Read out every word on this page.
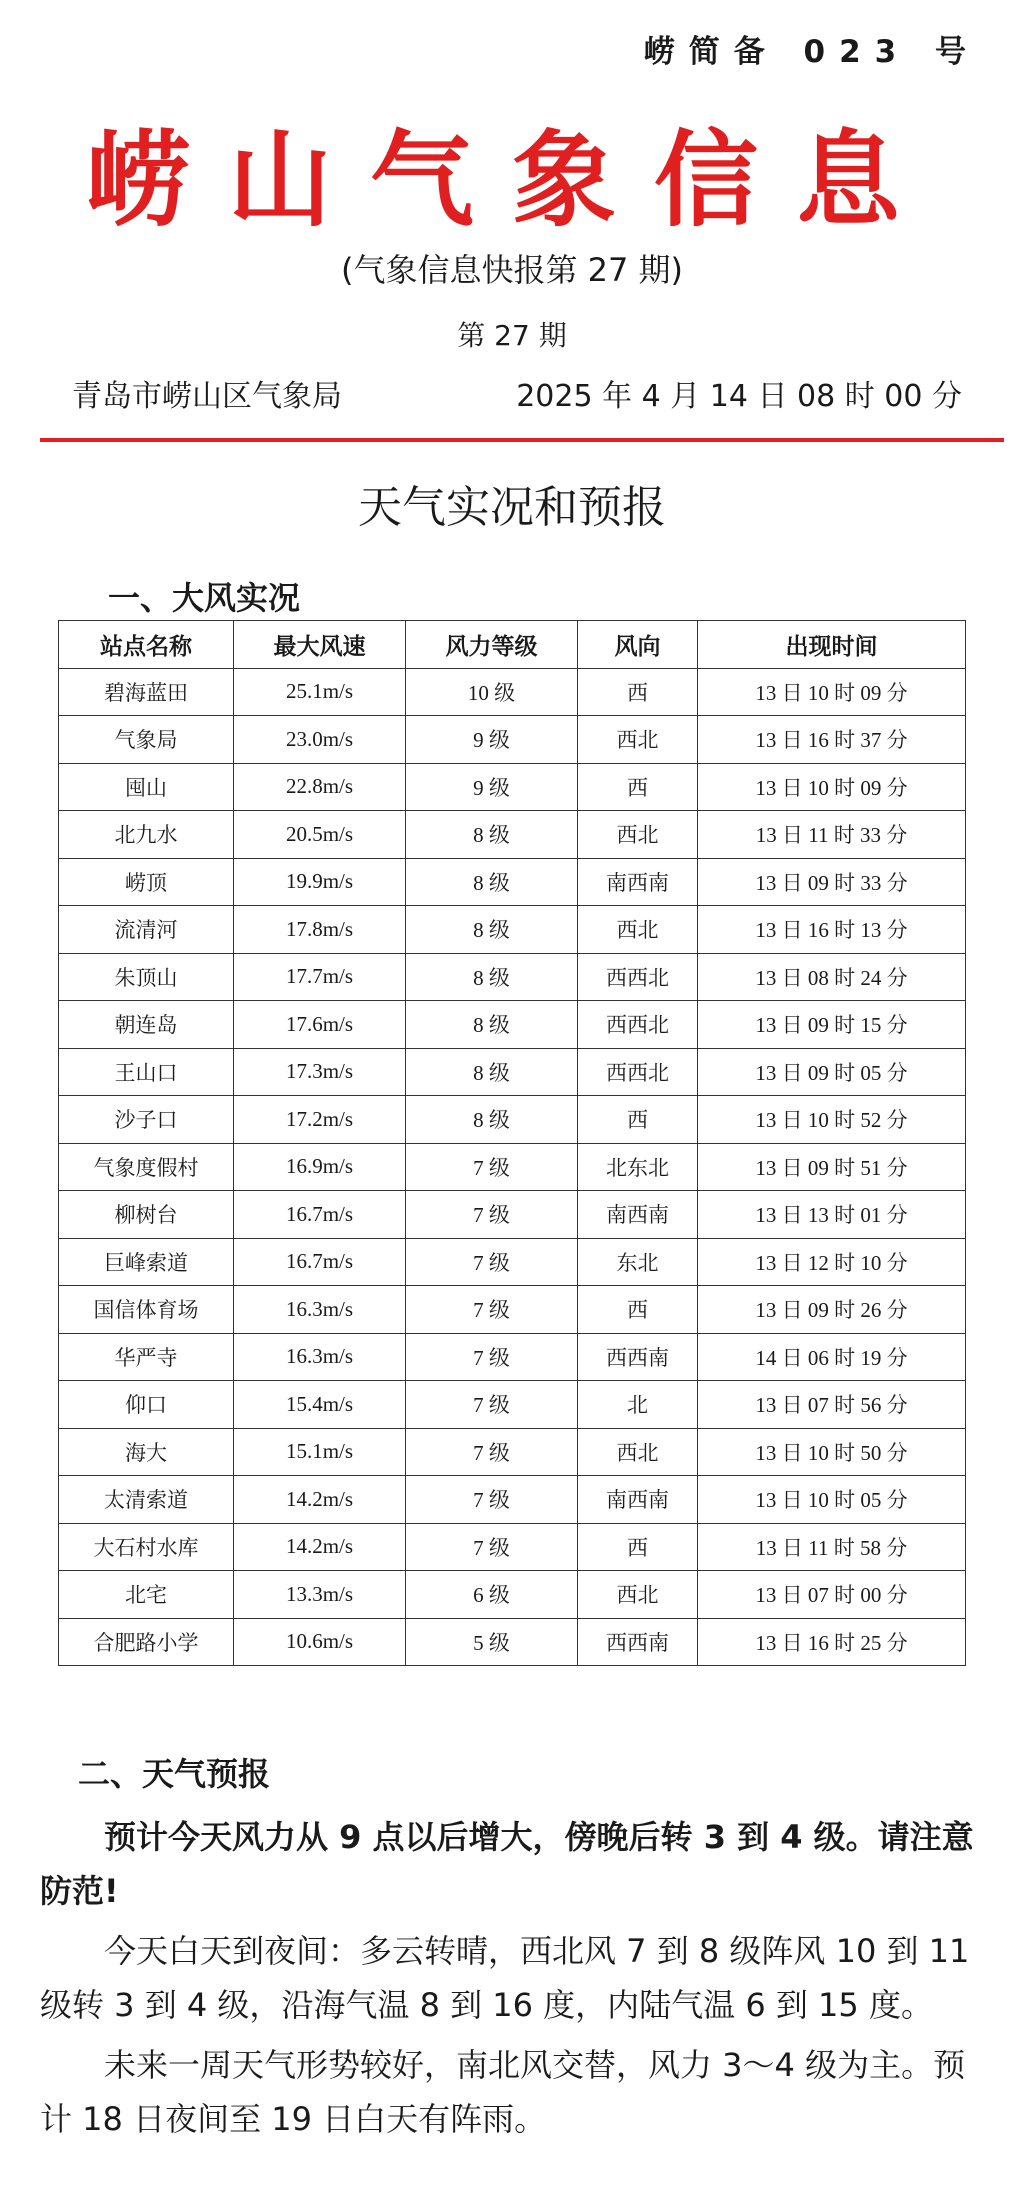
崂简备 023 号
崂山气象信息
(气象信息快报第 27 期)
第 27 期
青岛市崂山区气象局	2025 年 4 月 14 日 08 时 00 分
天气实况和预报
一、大风实况
站点名称	最大风速	风力等级	风向	出现时间
碧海蓝田	25.1m/s	10 级	西	13 日 10 时 09 分
气象局	23.0m/s	9 级	西北	13 日 16 时 37 分
囤山	22.8m/s	9 级	西	13 日 10 时 09 分
北九水	20.5m/s	8 级	西北	13 日 11 时 33 分
崂顶	19.9m/s	8 级	南西南	13 日 09 时 33 分
流清河	17.8m/s	8 级	西北	13 日 16 时 13 分
朱顶山	17.7m/s	8 级	西西北	13 日 08 时 24 分
朝连岛	17.6m/s	8 级	西西北	13 日 09 时 15 分
王山口	17.3m/s	8 级	西西北	13 日 09 时 05 分
沙子口	17.2m/s	8 级	西	13 日 10 时 52 分
气象度假村	16.9m/s	7 级	北东北	13 日 09 时 51 分
柳树台	16.7m/s	7 级	南西南	13 日 13 时 01 分
巨峰索道	16.7m/s	7 级	东北	13 日 12 时 10 分
国信体育场	16.3m/s	7 级	西	13 日 09 时 26 分
华严寺	16.3m/s	7 级	西西南	14 日 06 时 19 分
仰口	15.4m/s	7 级	北	13 日 07 时 56 分
海大	15.1m/s	7 级	西北	13 日 10 时 50 分
太清索道	14.2m/s	7 级	南西南	13 日 10 时 05 分
大石村水库	14.2m/s	7 级	西	13 日 11 时 58 分
北宅	13.3m/s	6 级	西北	13 日 07 时 00 分
合肥路小学	10.6m/s	5 级	西西南	13 日 16 时 25 分
二、天气预报
预计今天风力从 9 点以后增大，傍晚后转 3 到 4 级。请注意防范!
今天白天到夜间：多云转晴，西北风 7 到 8 级阵风 10 到 11 级转 3 到 4 级，沿海气温 8 到 16 度，内陆气温 6 到 15 度。
未来一周天气形势较好，南北风交替，风力 3～4 级为主。预计 18 日夜间至 19 日白天有阵雨。
